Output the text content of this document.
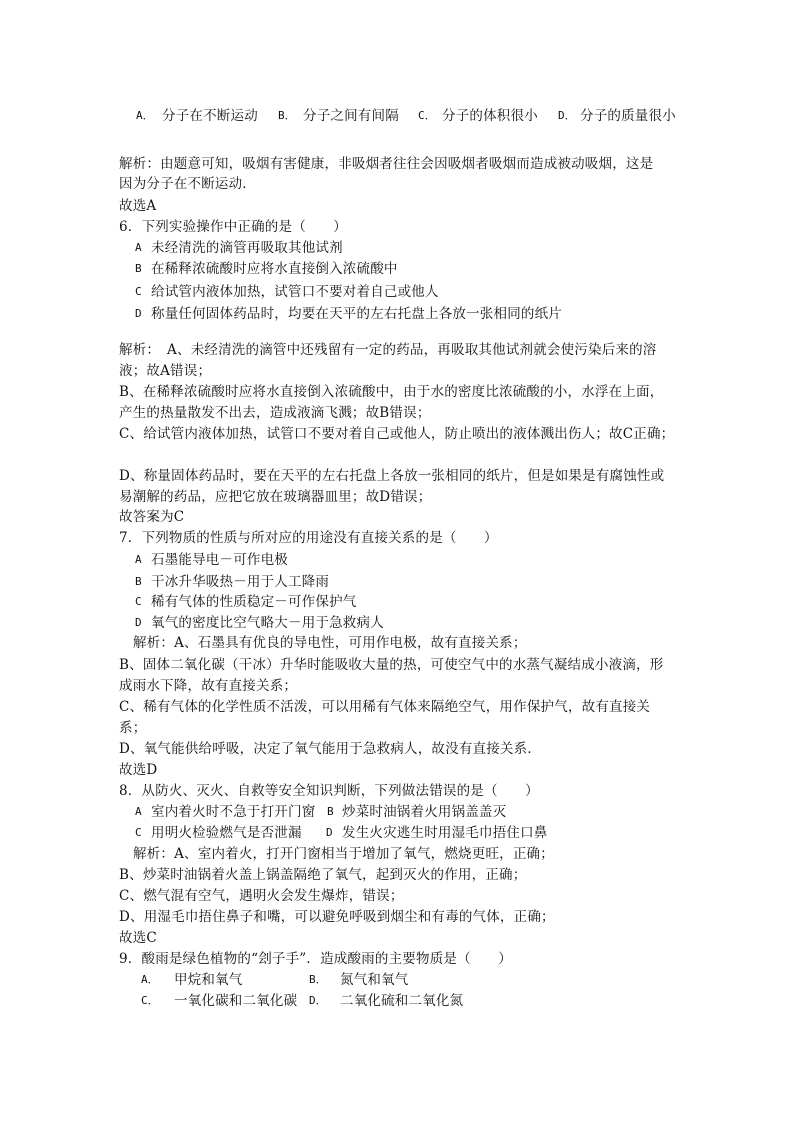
A． 分子在不断运动 B． 分子之间有间隔 C． 分子的体积很小 D． 分子的质量很小
解析：由题意可知，吸烟有害健康，非吸烟者往往会因吸烟者吸烟而造成被动吸烟，这是
因为分子在不断运动．
故选A
6．下列实验操作中正确的是（　　）
A 未经清洗的滴管再吸取其他试剂
B 在稀释浓硫酸时应将水直接倒入浓硫酸中
C 给试管内液体加热，试管口不要对着自己或他人
D 称量任何固体药品时，均要在天平的左右托盘上各放一张相同的纸片
解析：　A、未经清洗的滴管中还残留有一定的药品，再吸取其他试剂就会使污染后来的溶
液；故A错误；
B、在稀释浓硫酸时应将水直接倒入浓硫酸中，由于水的密度比浓硫酸的小，水浮在上面，
产生的热量散发不出去，造成液滴飞溅；故B错误；
C、给试管内液体加热，试管口不要对着自己或他人，防止喷出的液体溅出伤人；故C正确；
D、称量固体药品时，要在天平的左右托盘上各放一张相同的纸片，但是如果是有腐蚀性或
易潮解的药品，应把它放在玻璃器皿里；故D错误；
故答案为C
7．下列物质的性质与所对应的用途没有直接关系的是（　　）
A 石墨能导电－可作电极
B 干冰升华吸热－用于人工降雨
C 稀有气体的性质稳定－可作保护气
D 氧气的密度比空气略大－用于急救病人
解析：A、石墨具有优良的导电性，可用作电极，故有直接关系；
B、固体二氧化碳（干冰）升华时能吸收大量的热，可使空气中的水蒸气凝结成小液滴，形
成雨水下降，故有直接关系；
C、稀有气体的化学性质不活泼，可以用稀有气体来隔绝空气，用作保护气，故有直接关
系；
D、氧气能供给呼吸，决定了氧气能用于急救病人，故没有直接关系．
故选D
8．从防火、灭火、自救等安全知识判断，下列做法错误的是（　　）
A 室内着火时不急于打开门窗 B 炒菜时油锅着火用锅盖盖灭
C 用明火检验燃气是否泄漏 D 发生火灾逃生时用湿毛巾捂住口鼻
解析：A、室内着火，打开门窗相当于增加了氧气，燃烧更旺，正确；
B、炒菜时油锅着火盖上锅盖隔绝了氧气，起到灭火的作用，正确；
C、燃气混有空气，遇明火会发生爆炸，错误；
D、用湿毛巾捂住鼻子和嘴，可以避免呼吸到烟尘和有毒的气体，正确；
故选C
9．酸雨是绿色植物的“刽子手”．造成酸雨的主要物质是（　　）
A． 甲烷和氧气	B． 氮气和氧气
C． 一氧化碳和二氧化碳 D． 二氧化硫和二氧化氮
